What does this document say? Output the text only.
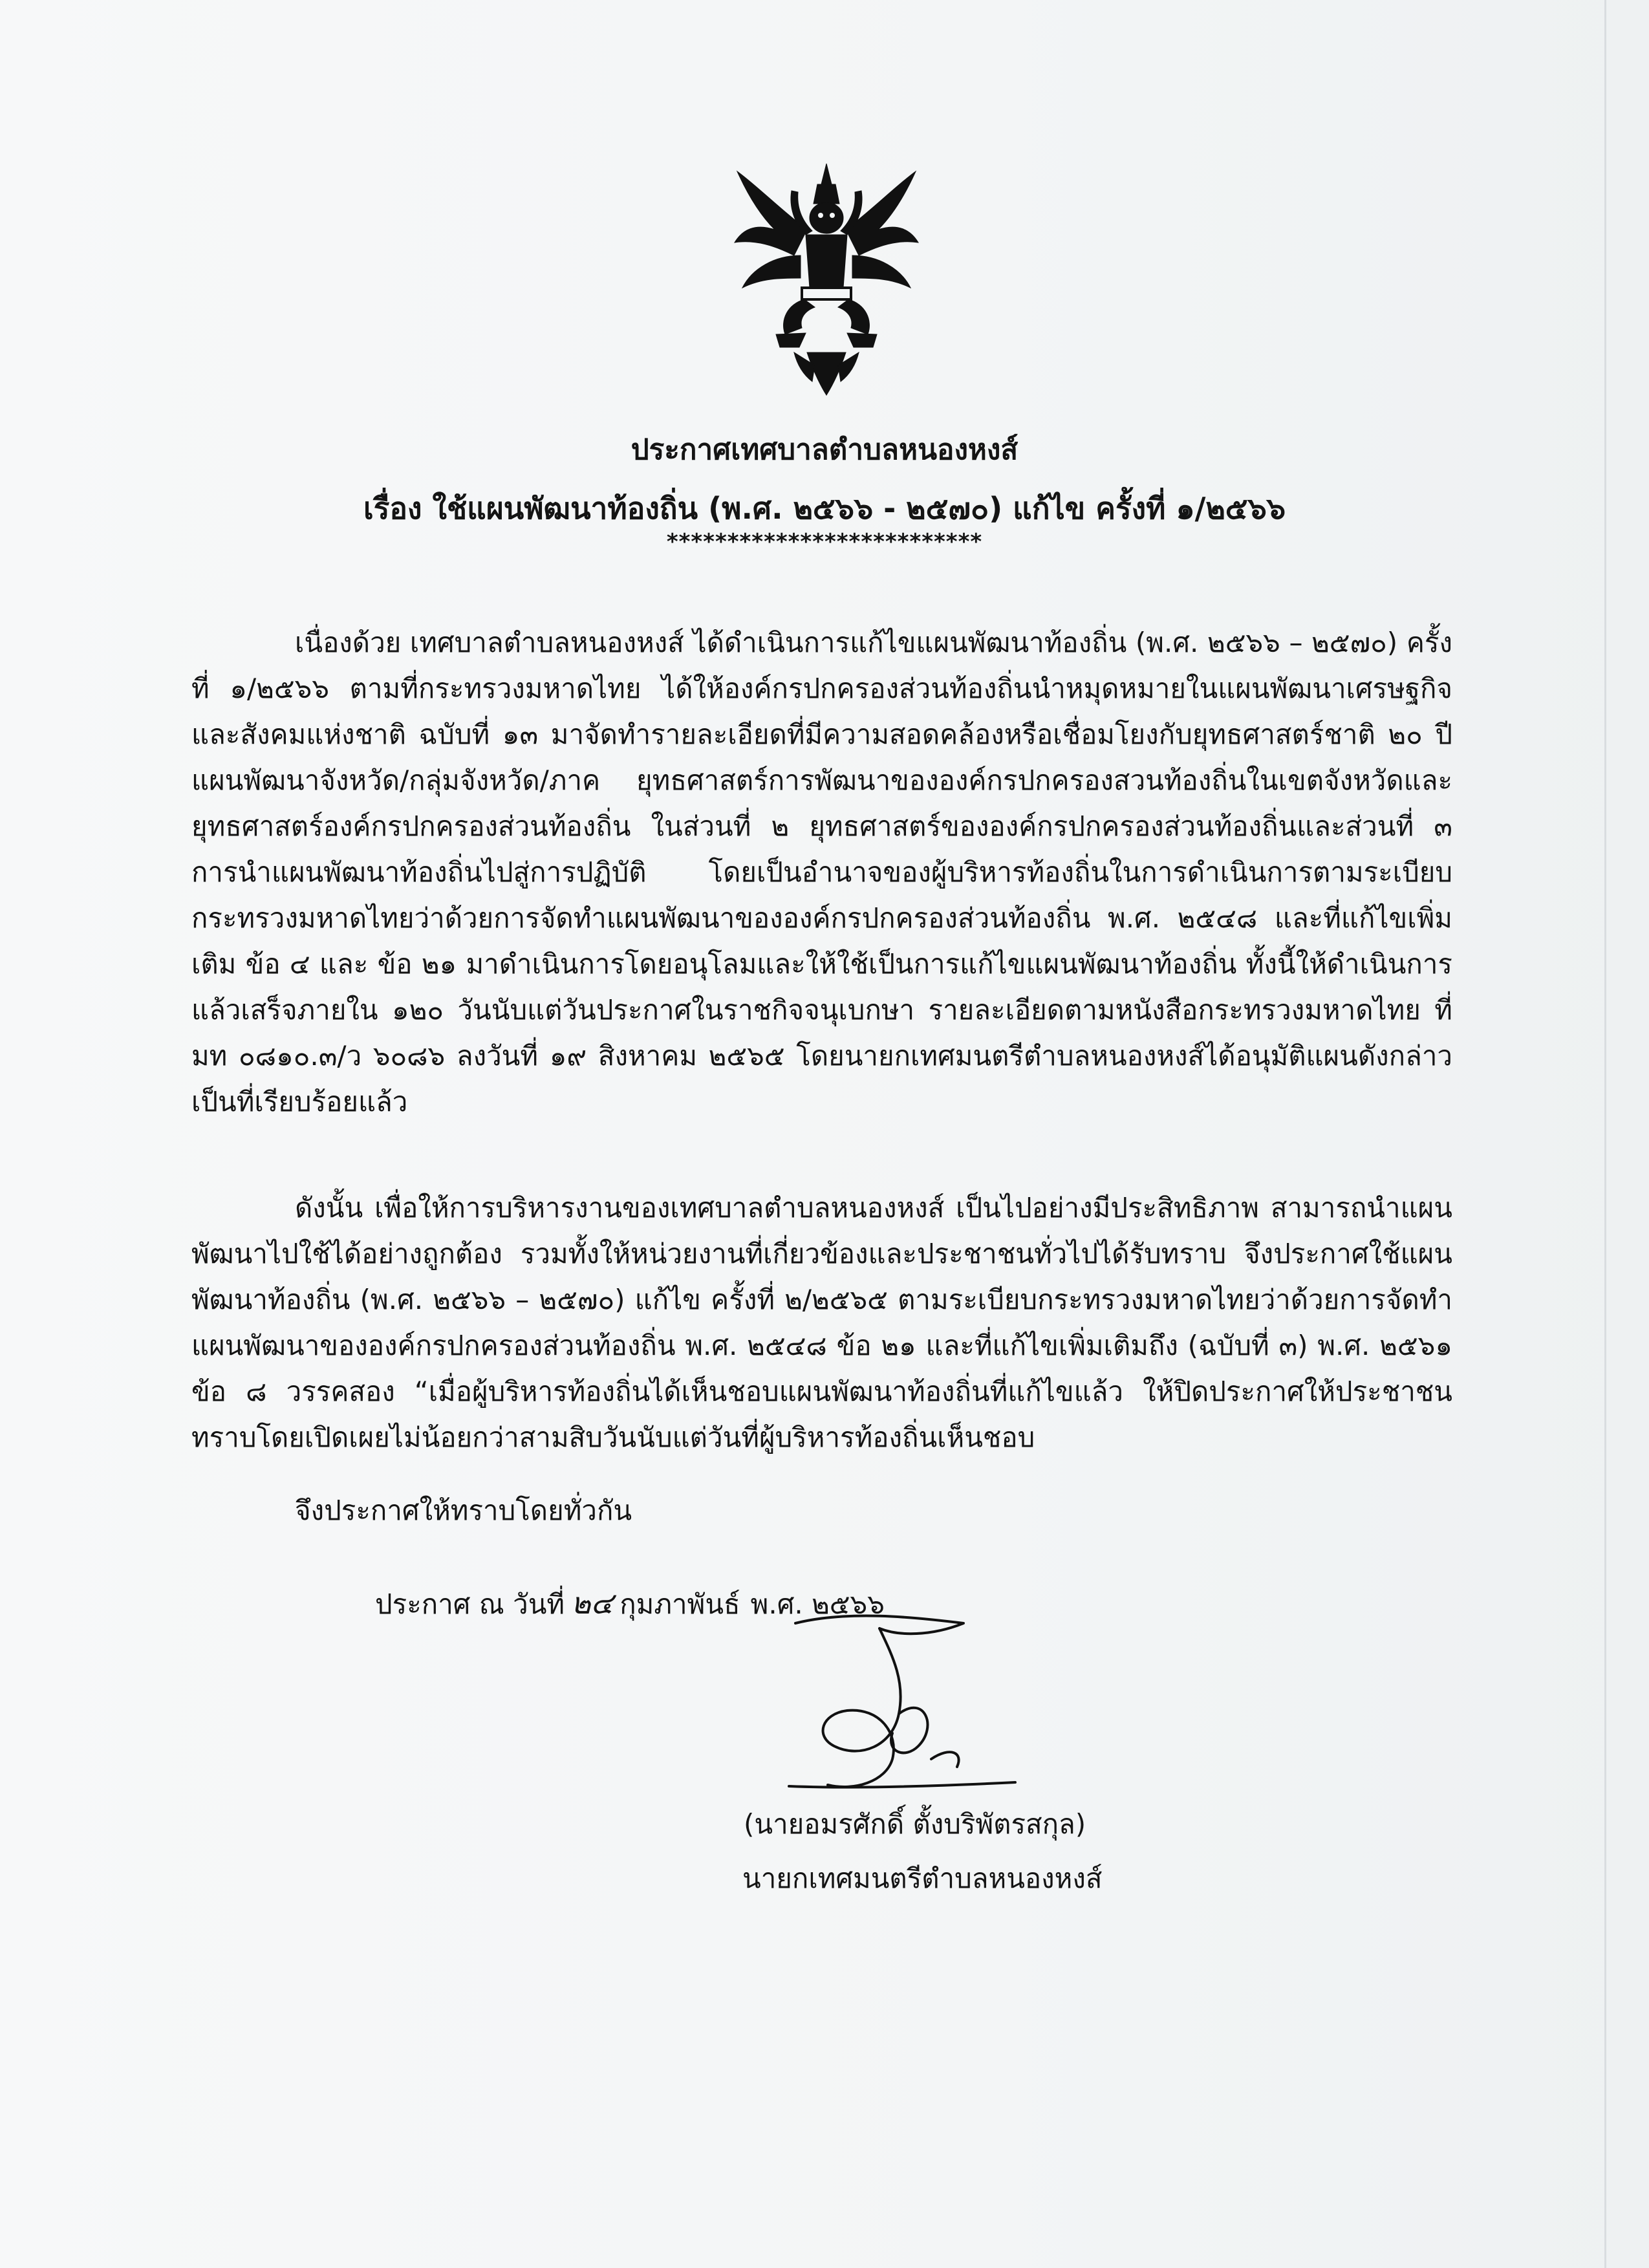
ประกาศเทศบาลตำบลหนองหงส์
เรื่อง ใช้แผนพัฒนาท้องถิ่น (พ.ศ. ๒๕๖๖ - ๒๕๗๐) แก้ไข ครั้งที่ ๑/๒๕๖๖
**************************

เนื่องด้วย เทศบาลตำบลหนองหงส์ ได้ดำเนินการแก้ไขแผนพัฒนาท้องถิ่น (พ.ศ. ๒๕๖๖ – ๒๕๗๐) ครั้งที่ ๑/๒๕๖๖ ตามที่กระทรวงมหาดไทย ได้ให้องค์กรปกครองส่วนท้องถิ่นนำหมุดหมายในแผนพัฒนาเศรษฐกิจและสังคมแห่งชาติ ฉบับที่ ๑๓ มาจัดทำรายละเอียดที่มีความสอดคล้องหรือเชื่อมโยงกับยุทธศาสตร์ชาติ ๒๐ ปี แผนพัฒนาจังหวัด/กลุ่มจังหวัด/ภาค ยุทธศาสตร์การพัฒนาขององค์กรปกครองสวนท้องถิ่นในเขตจังหวัดและยุทธศาสตร์องค์กรปกครองส่วนท้องถิ่น ในส่วนที่ ๒ ยุทธศาสตร์ขององค์กรปกครองส่วนท้องถิ่นและส่วนที่ ๓ การนำแผนพัฒนาท้องถิ่นไปสู่การปฏิบัติ โดยเป็นอำนาจของผู้บริหารท้องถิ่นในการดำเนินการตามระเบียบกระทรวงมหาดไทยว่าด้วยการจัดทำแผนพัฒนาขององค์กรปกครองส่วนท้องถิ่น พ.ศ. ๒๕๔๘ และที่แก้ไขเพิ่มเติม ข้อ ๔ และ ข้อ ๒๑ มาดำเนินการโดยอนุโลมและให้ใช้เป็นการแก้ไขแผนพัฒนาท้องถิ่น ทั้งนี้ให้ดำเนินการแล้วเสร็จภายใน ๑๒๐ วันนับแต่วันประกาศในราชกิจจนุเบกษา รายละเอียดตามหนังสือกระทรวงมหาดไทย ที่ มท ๐๘๑๐.๓/ว ๖๐๘๖ ลงวันที่ ๑๙ สิงหาคม ๒๕๖๕ โดยนายกเทศมนตรีตำบลหนองหงส์ได้อนุมัติแผนดังกล่าว เป็นที่เรียบร้อยแล้ว

ดังนั้น เพื่อให้การบริหารงานของเทศบาลตำบลหนองหงส์ เป็นไปอย่างมีประสิทธิภาพ สามารถนำแผนพัฒนาไปใช้ได้อย่างถูกต้อง รวมทั้งให้หน่วยงานที่เกี่ยวข้องและประชาชนทั่วไปได้รับทราบ จึงประกาศใช้แผนพัฒนาท้องถิ่น (พ.ศ. ๒๕๖๖ – ๒๕๗๐) แก้ไข ครั้งที่ ๒/๒๕๖๕ ตามระเบียบกระทรวงมหาดไทยว่าด้วยการจัดทำแผนพัฒนาขององค์กรปกครองส่วนท้องถิ่น พ.ศ. ๒๕๔๘ ข้อ ๒๑ และที่แก้ไขเพิ่มเติมถึง (ฉบับที่ ๓) พ.ศ. ๒๕๖๑ ข้อ ๘ วรรคสอง “เมื่อผู้บริหารท้องถิ่นได้เห็นชอบแผนพัฒนาท้องถิ่นที่แก้ไขแล้ว ให้ปิดประกาศให้ประชาชนทราบโดยเปิดเผยไม่น้อยกว่าสามสิบวันนับแต่วันที่ผู้บริหารท้องถิ่นเห็นชอบ

จึงประกาศให้ทราบโดยทั่วกัน

ประกาศ ณ วันที่ ๒๔ กุมภาพันธ์ พ.ศ. ๒๕๖๖
(นายอมรศักดิ์ ตั้งบริพัตรสกุล)
นายกเทศมนตรีตำบลหนองหงส์
